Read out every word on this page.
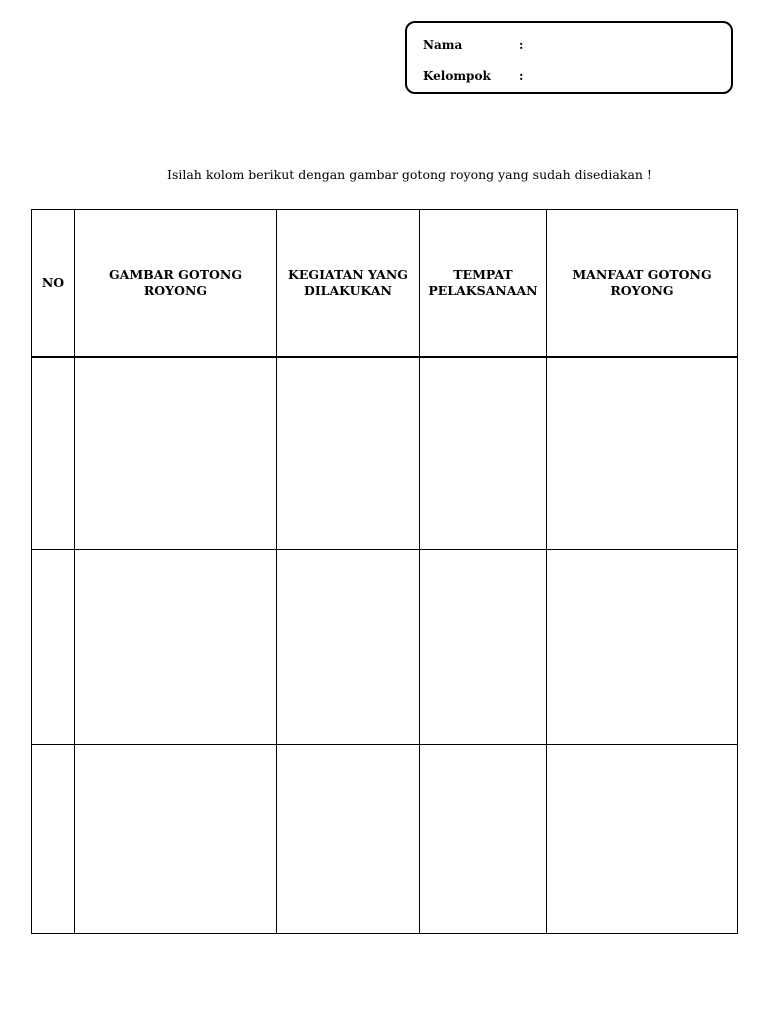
Nama	:
Kelompok :
Isilah kolom berikut dengan gambar gotong royong yang sudah disediakan !
NO	GAMBAR GOTONG ROYONG	KEGIATAN YANG DILAKUKAN	TEMPAT PELAKSANAAN	MANFAAT GOTONG ROYONG
